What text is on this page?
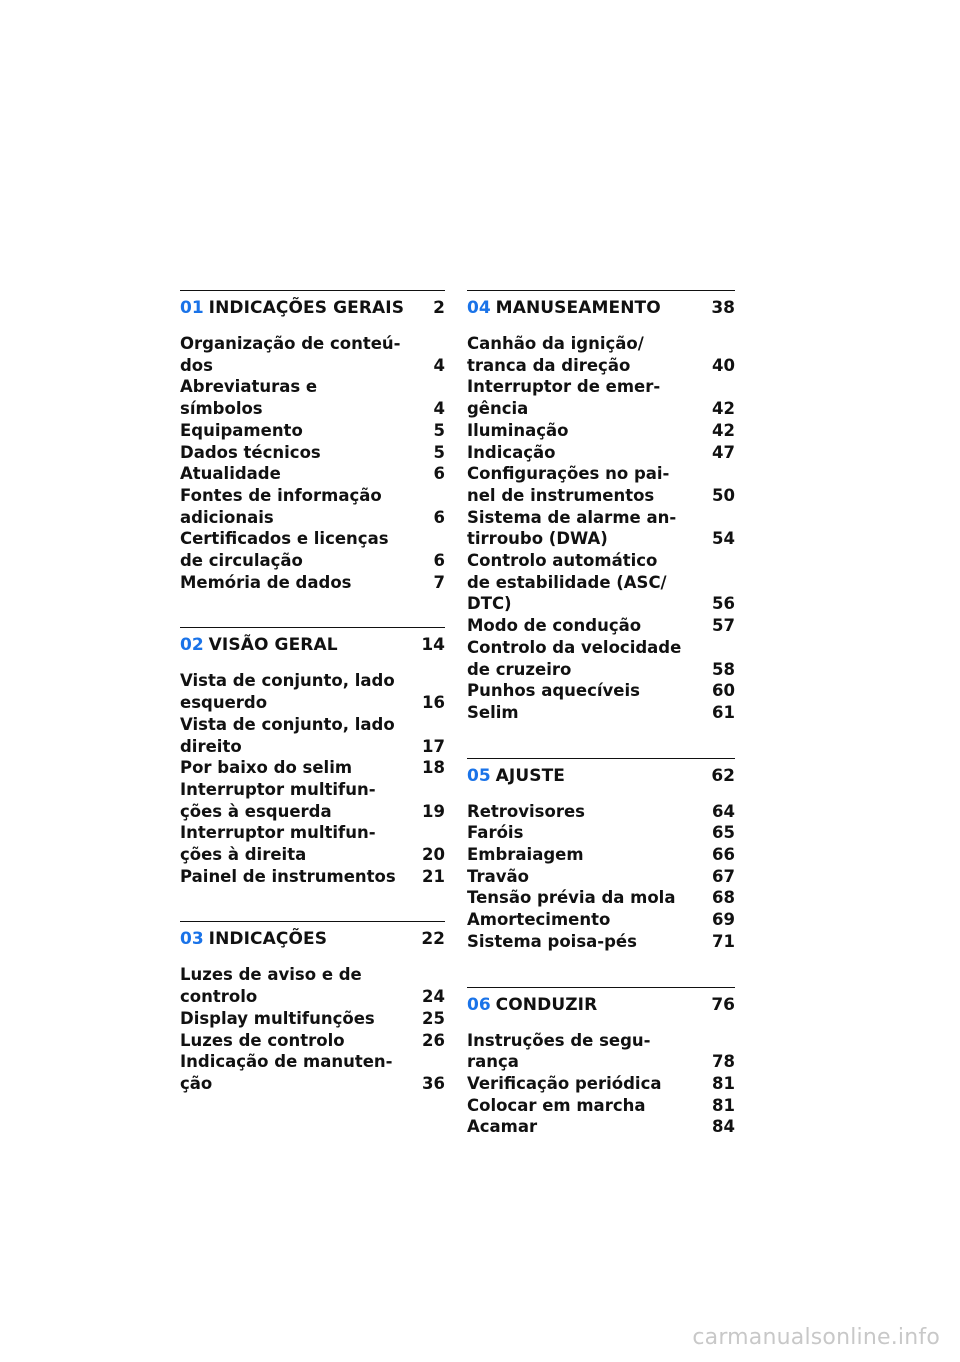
01 INDICAÇÕES GERAIS 2
Organização de conteú-
dos	4
Abreviaturas e símbolos	4
Equipamento	5
Dados técnicos	5
Atualidade	6
Fontes de informação
adicionais	6
Certificados e licenças
de circulação	6
Memória de dados	7
02 VISÃO GERAL	14
Vista de conjunto, lado
esquerdo	16
Vista de conjunto, lado
direito	17
Por baixo do selim	18
Interruptor multifun-
ções à esquerda	19
Interruptor multifun-
ções à direita	20
Painel de instrumentos	21
03 INDICAÇÕES	22
Luzes de aviso e de
controlo	24
Display multifunções	25
Luzes de controlo	26
Indicação de manuten-
ção	36
04 MANUSEAMENTO	38
Canhão da ignição/
tranca da direção	40
Interruptor de emer-
gência	42
Iluminação	42
Indicação	47
Configurações no pai-
nel de instrumentos	50
Sistema de alarme an-
tirroubo (DWA)	54
Controlo automático
de estabilidade (ASC/
DTC)	56
Modo de condução	57
Controlo da velocidade
de cruzeiro	58
Punhos aquecíveis	60
Selim	61
05 AJUSTE	62
Retrovisores	64
Faróis	65
Embraiagem	66
Travão	67
Tensão prévia da mola	68
Amortecimento	69
Sistema poisa-pés	71
06 CONDUZIR	76
Instruções de segu-
rança	78
Verificação periódica	81
Colocar em marcha	81
Acamar	84
carmanualsonline.info
